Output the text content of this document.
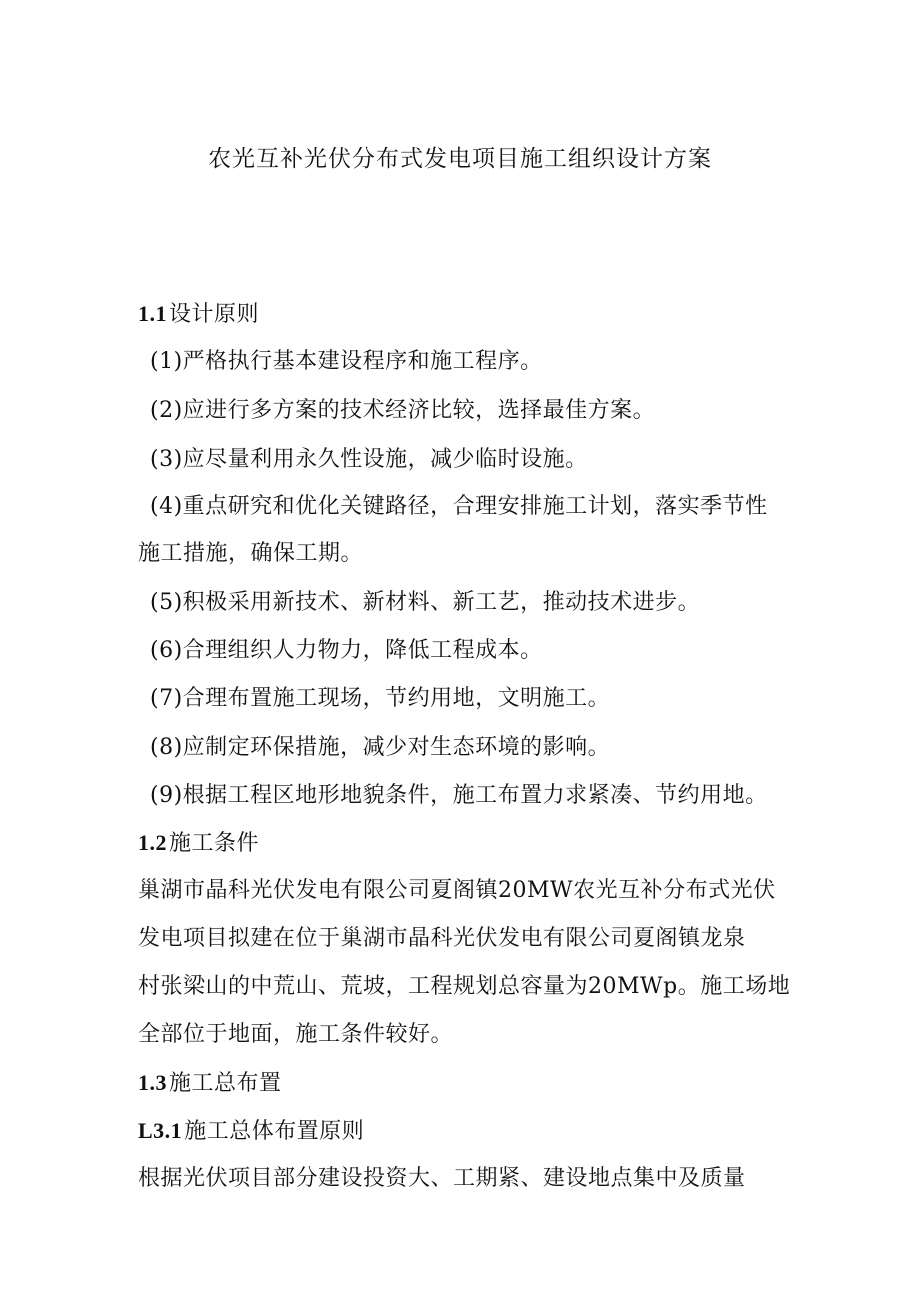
农光互补光伏分布式发电项目施工组织设计方案
1.1设计原则
(1)严格执行基本建设程序和施工程序。
(2)应进行多方案的技术经济比较，选择最佳方案。
(3)应尽量利用永久性设施，减少临时设施。
(4)重点研究和优化关键路径，合理安排施工计划，落实季节性
施工措施，确保工期。
(5)积极采用新技术、新材料、新工艺，推动技术进步。
(6)合理组织人力物力，降低工程成本。
(7)合理布置施工现场，节约用地，文明施工。
(8)应制定环保措施，减少对生态环境的影响。
(9)根据工程区地形地貌条件，施工布置力求紧凑、节约用地。
1.2施工条件
巢湖市晶科光伏发电有限公司夏阁镇20MW农光互补分布式光伏
发电项目拟建在位于巢湖市晶科光伏发电有限公司夏阁镇龙泉
村张梁山的中荒山、荒坡，工程规划总容量为20MWp。施工场地
全部位于地面，施工条件较好。
1.3施工总布置
L3.1施工总体布置原则
根据光伏项目部分建设投资大、工期紧、建设地点集中及质量
